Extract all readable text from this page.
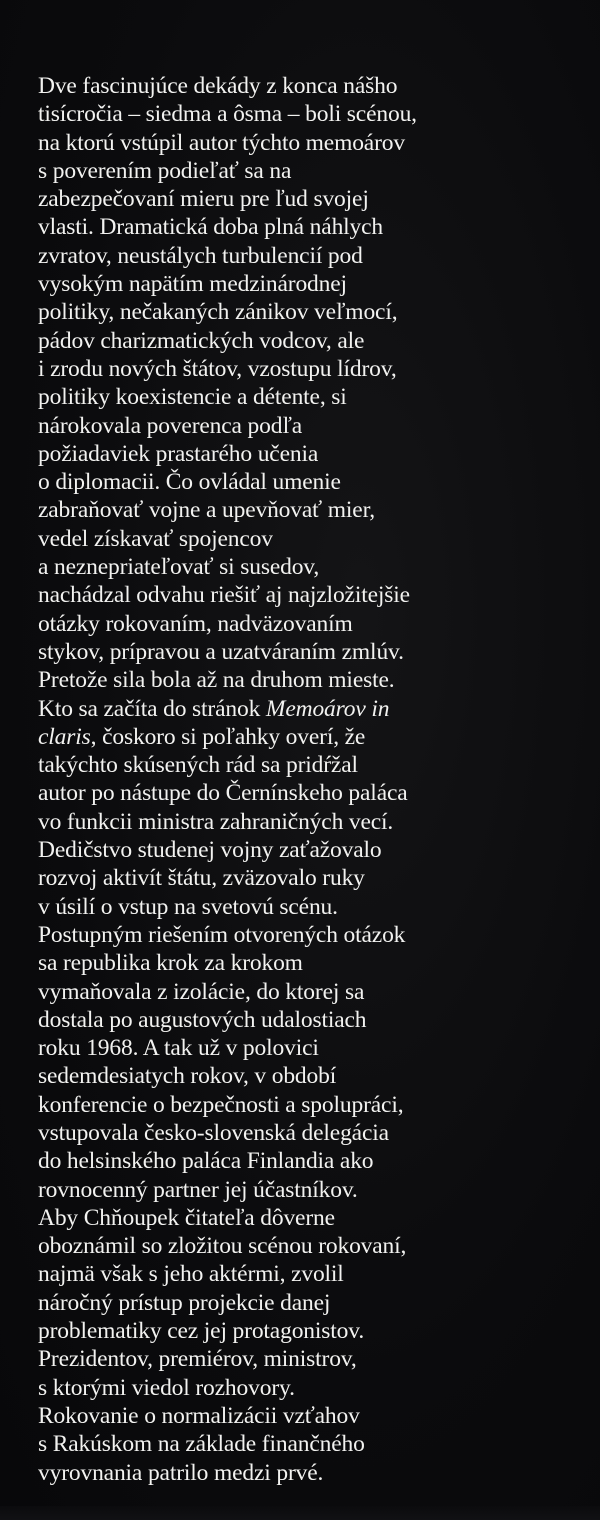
Dve fascinujúce dekády z konca nášho
tisícročia – siedma a ôsma – boli scénou,
na ktorú vstúpil autor týchto memoárov
s poverením podieľať sa na
zabezpečovaní mieru pre ľud svojej
vlasti. Dramatická doba plná náhlych
zvratov, neustálych turbulencií pod
vysokým napätím medzinárodnej
politiky, nečakaných zánikov veľmocí,
pádov charizmatických vodcov, ale
i zrodu nových štátov, vzostupu lídrov,
politiky koexistencie a détente, si
nárokovala poverenca podľa
požiadaviek prastarého učenia
o diplomacii. Čo ovládal umenie
zabraňovať vojne a upevňovať mier,
vedel získavať spojencov
a neznepriateľovať si susedov,
nachádzal odvahu riešiť aj najzložitejšie
otázky rokovaním, nadväzovaním
stykov, prípravou a uzatváraním zmlúv.
Pretože sila bola až na druhom mieste.
Kto sa začíta do stránok Memoárov in
claris, čoskoro si poľahky overí, že
takýchto skúsených rád sa pridŕžal
autor po nástupe do Černínskeho paláca
vo funkcii ministra zahraničných vecí.
Dedičstvo studenej vojny zaťažovalo
rozvoj aktivít štátu, zväzovalo ruky
v úsilí o vstup na svetovú scénu.
Postupným riešením otvorených otázok
sa republika krok za krokom
vymaňovala z izolácie, do ktorej sa
dostala po augustových udalostiach
roku 1968. A tak už v polovici
sedemdesiatych rokov, v období
konferencie o bezpečnosti a spolupráci,
vstupovala česko-slovenská delegácia
do helsinského paláca Finlandia ako
rovnocenný partner jej účastníkov.
Aby Chňoupek čitateľa dôverne
oboznámil so zložitou scénou rokovaní,
najmä však s jeho aktérmi, zvolil
náročný prístup projekcie danej
problematiky cez jej protagonistov.
Prezidentov, premiérov, ministrov,
s ktorými viedol rozhovory.
Rokovanie o normalizácii vzťahov
s Rakúskom na základe finančného
vyrovnania patrilo medzi prvé.
